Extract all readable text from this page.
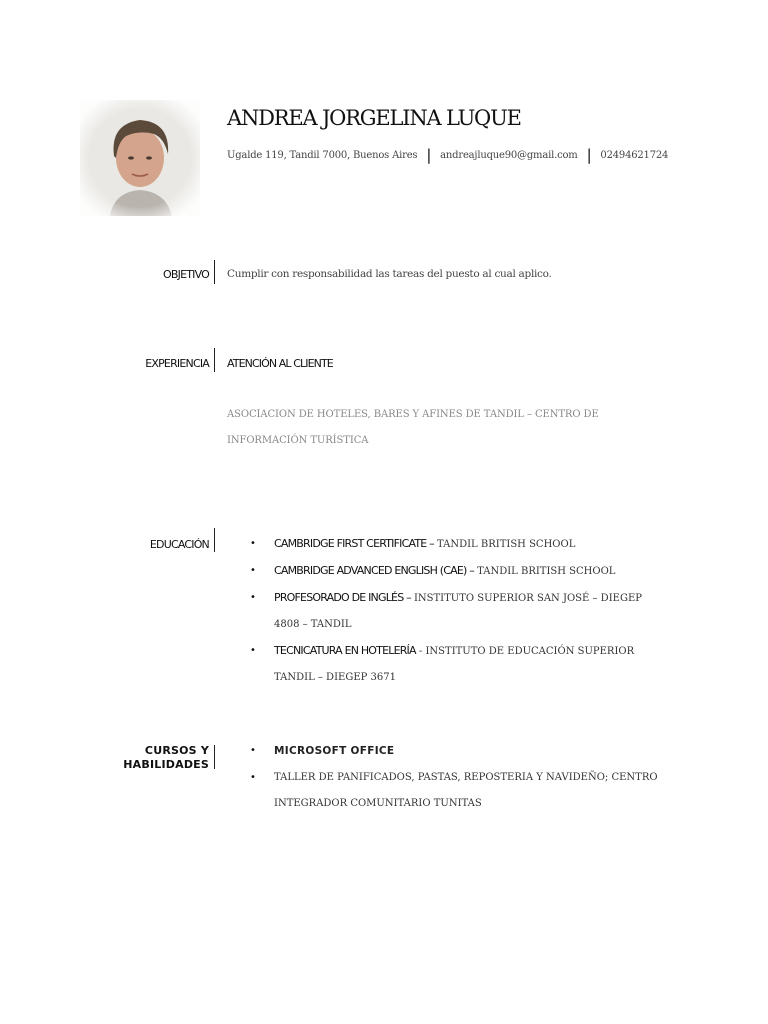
ANDREA JORGELINA LUQUE
Ugalde 119, Tandil 7000, Buenos Aires | andreajluque90@gmail.com | 02494621724
OBJETIVO Cumplir con responsabilidad las tareas del puesto al cual aplico.
EXPERIENCIA ATENCIÓN AL CLIENTE
ASOCIACION DE HOTELES, BARES Y AFINES DE TANDIL – CENTRO DE INFORMACIÓN TURÍSTICA
EDUCACIÓN	• CAMBRIDGE FIRST CERTIFICATE – TANDIL BRITISH SCHOOL
• CAMBRIDGE ADVANCED ENGLISH (CAE) – TANDIL BRITISH SCHOOL
• PROFESORADO DE INGLÉS – INSTITUTO SUPERIOR SAN JOSÉ – DIEGEP
4808 – TANDIL
• TECNICATURA EN HOTELERÍA - INSTITUTO DE EDUCACIÓN SUPERIOR
TANDIL – DIEGEP 3671
CURSOS Y
HABILIDADES
• MICROSOFT OFFICE
• TALLER DE PANIFICADOS, PASTAS, REPOSTERIA Y NAVIDEÑO; CENTRO
INTEGRADOR COMUNITARIO TUNITAS
